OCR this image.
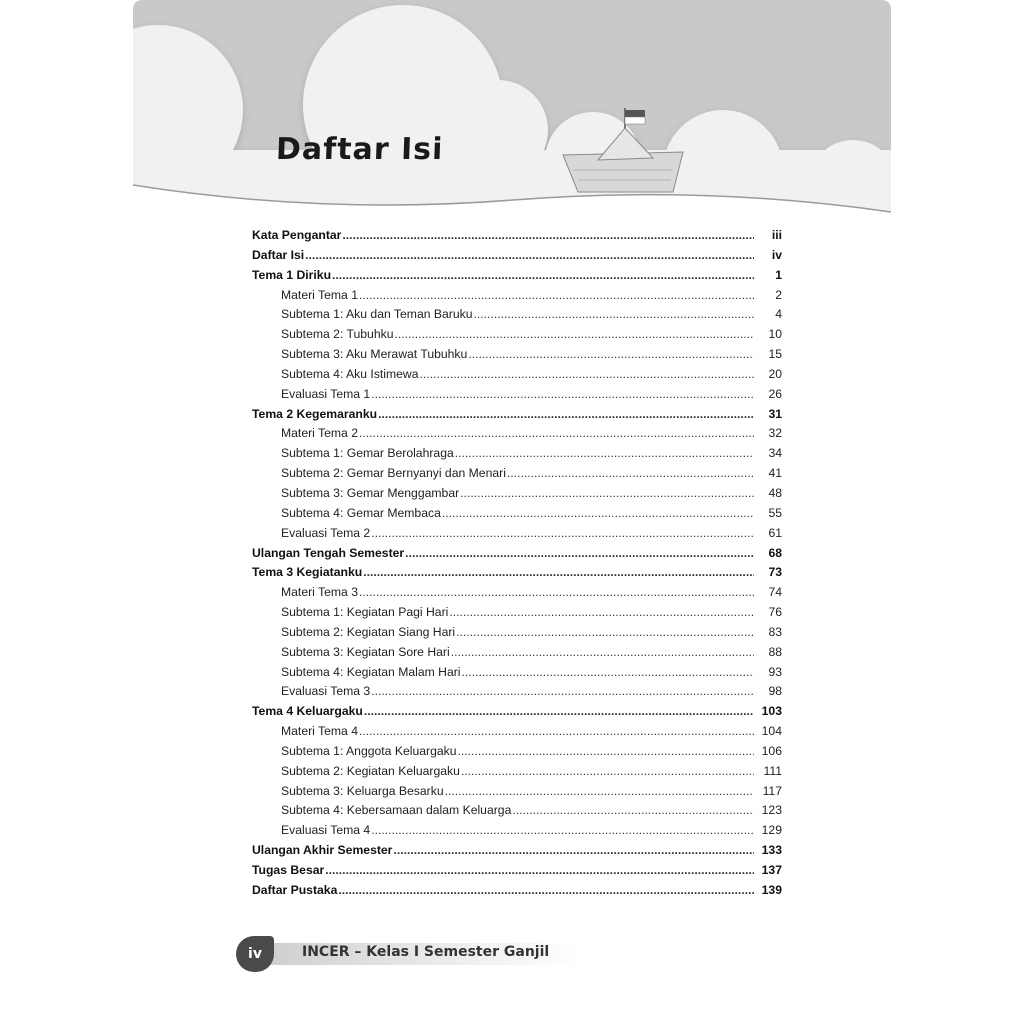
Daftar Isi
Kata Pengantar .....	iii
Daftar Isi .....	iv
Tema 1 Diriku .....	1
Materi Tema 1 .....	2
Subtema 1: Aku dan Teman Baruku .....	4
Subtema 2: Tubuhku .....	10
Subtema 3: Aku Merawat Tubuhku .....	15
Subtema 4: Aku Istimewa .....	20
Evaluasi Tema 1 .....	26
Tema 2 Kegemaranku .....	31
Materi Tema 2 .....	32
Subtema 1: Gemar Berolahraga .....	34
Subtema 2: Gemar Bernyanyi dan Menari .....	41
Subtema 3: Gemar Menggambar .....	48
Subtema 4: Gemar Membaca .....	55
Evaluasi Tema 2 .....	61
Ulangan Tengah Semester .....	68
Tema 3 Kegiatanku .....	73
Materi Tema 3 .....	74
Subtema 1: Kegiatan Pagi Hari .....	76
Subtema 2: Kegiatan Siang Hari .....	83
Subtema 3: Kegiatan Sore Hari .....	88
Subtema 4: Kegiatan Malam Hari .....	93
Evaluasi Tema 3 .....	98
Tema 4 Keluargaku .....	103
Materi Tema 4 .....	104
Subtema 1: Anggota Keluargaku .....	106
Subtema 2: Kegiatan Keluargaku .....	111
Subtema 3: Keluarga Besarku .....	117
Subtema 4: Kebersamaan dalam Keluarga .....	123
Evaluasi Tema 4 .....	129
Ulangan Akhir Semester .....	133
Tugas Besar .....	137
Daftar Pustaka .....	139
iv	INCER – Kelas I Semester Ganjil
